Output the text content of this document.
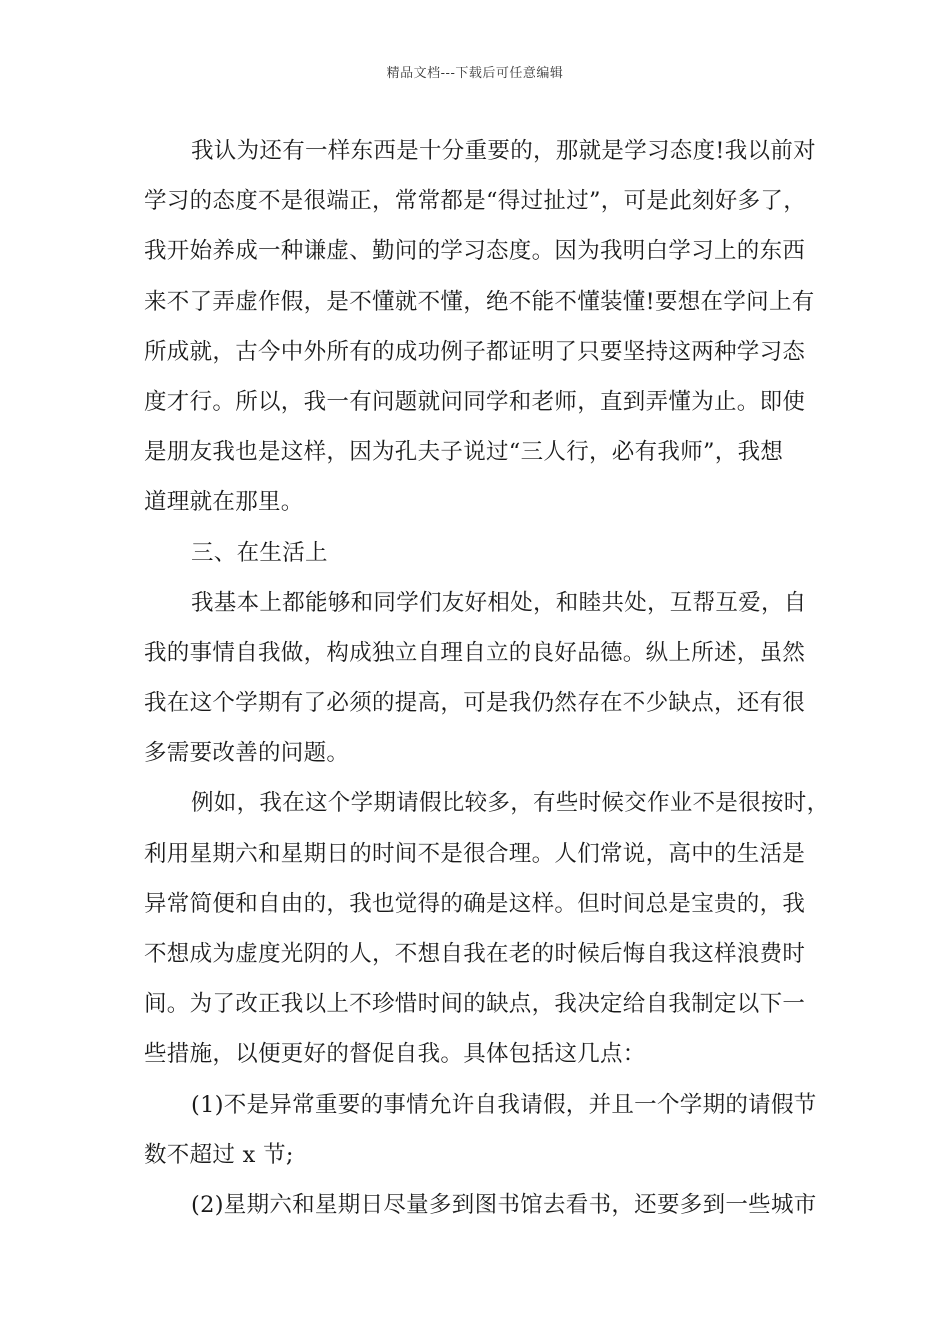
精品文档---下载后可任意编辑
我认为还有一样东西是十分重要的，那就是学习态度!我以前对
学习的态度不是很端正，常常都是“得过扯过”，可是此刻好多了，
我开始养成一种谦虚、勤问的学习态度。因为我明白学习上的东西
来不了弄虚作假，是不懂就不懂，绝不能不懂装懂!要想在学问上有
所成就，古今中外所有的成功例子都证明了只要坚持这两种学习态
度才行。所以，我一有问题就问同学和老师，直到弄懂为止。即使
是朋友我也是这样，因为孔夫子说过“三人行，必有我师”，我想
道理就在那里。
三、在生活上
我基本上都能够和同学们友好相处，和睦共处，互帮互爱，自
我的事情自我做，构成独立自理自立的良好品德。纵上所述，虽然
我在这个学期有了必须的提高，可是我仍然存在不少缺点，还有很
多需要改善的问题。
例如，我在这个学期请假比较多，有些时候交作业不是很按时，
利用星期六和星期日的时间不是很合理。人们常说，高中的生活是
异常简便和自由的，我也觉得的确是这样。但时间总是宝贵的，我
不想成为虚度光阴的人，不想自我在老的时候后悔自我这样浪费时
间。为了改正我以上不珍惜时间的缺点，我决定给自我制定以下一
些措施，以便更好的督促自我。具体包括这几点：
(1)不是异常重要的事情允许自我请假，并且一个学期的请假节
数不超过 x 节;
(2)星期六和星期日尽量多到图书馆去看书，还要多到一些城市
